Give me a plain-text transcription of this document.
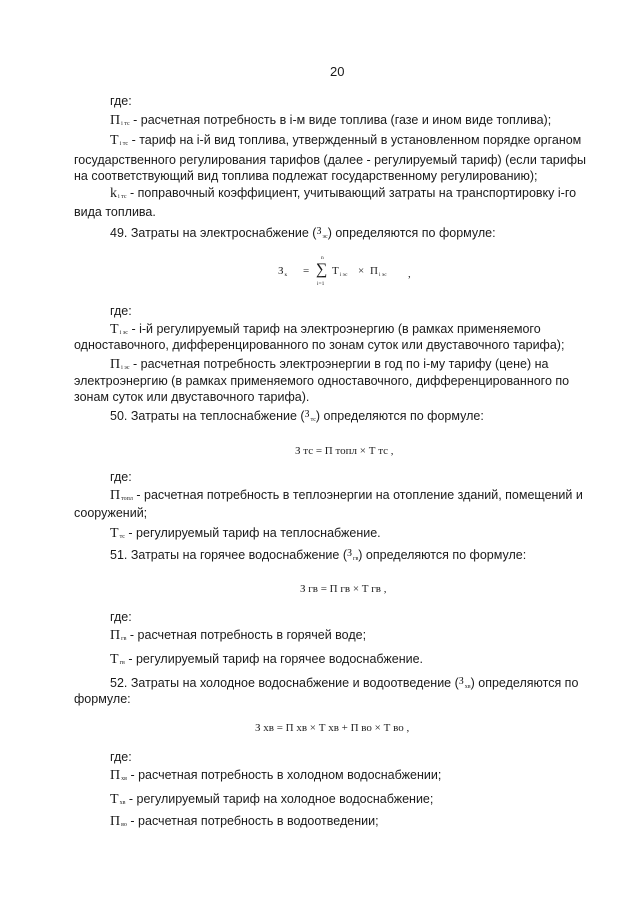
20
где:
Пi тс - расчетная потребность в i-м виде топлива (газе и ином виде топлива);
Тi тс - тариф на i-й вид топлива, утвержденный в установленном порядке органом
государственного регулирования тарифов (далее - регулируемый тариф) (если тарифы
на соответствующий вид топлива подлежат государственному регулированию);
ki тс - поправочный коэффициент, учитывающий затраты на транспортировку i-го
вида топлива.
49. Затраты на электроснабжение ($^З$эс) определяются по формуле:
Зк =
n
∑
i=1
Тi эс × Пi эс ,
где:
Тi эс - i-й регулируемый тариф на электроэнергию (в рамках применяемого
одноставочного, дифференцированного по зонам суток или двуставочного тарифа);
Пi эс - расчетная потребность электроэнергии в год по i-му тарифу (цене) на
электроэнергию (в рамках применяемого одноставочного, дифференцированного по
зонам суток или двуставочного тарифа).
50. Затраты на теплоснабжение ($^З$тс) определяются по формуле:
З тс = П топл × Т тс ,
где:
Птопл - расчетная потребность в теплоэнергии на отопление зданий, помещений и
сооружений;
Ттс - регулируемый тариф на теплоснабжение.
51. Затраты на горячее водоснабжение ($^З$гв) определяются по формуле:
З гв = П гв × Т гв ,
где:
Пгв - расчетная потребность в горячей воде;
Тгв - регулируемый тариф на горячее водоснабжение.
52. Затраты на холодное водоснабжение и водоотведение ($^З$хв) определяются по
формуле:
З хв = П хв × Т хв + П во × Т во ,
где:
Пхв - расчетная потребность в холодном водоснабжении;
Тхв - регулируемый тариф на холодное водоснабжение;
Пво - расчетная потребность в водоотведении;
